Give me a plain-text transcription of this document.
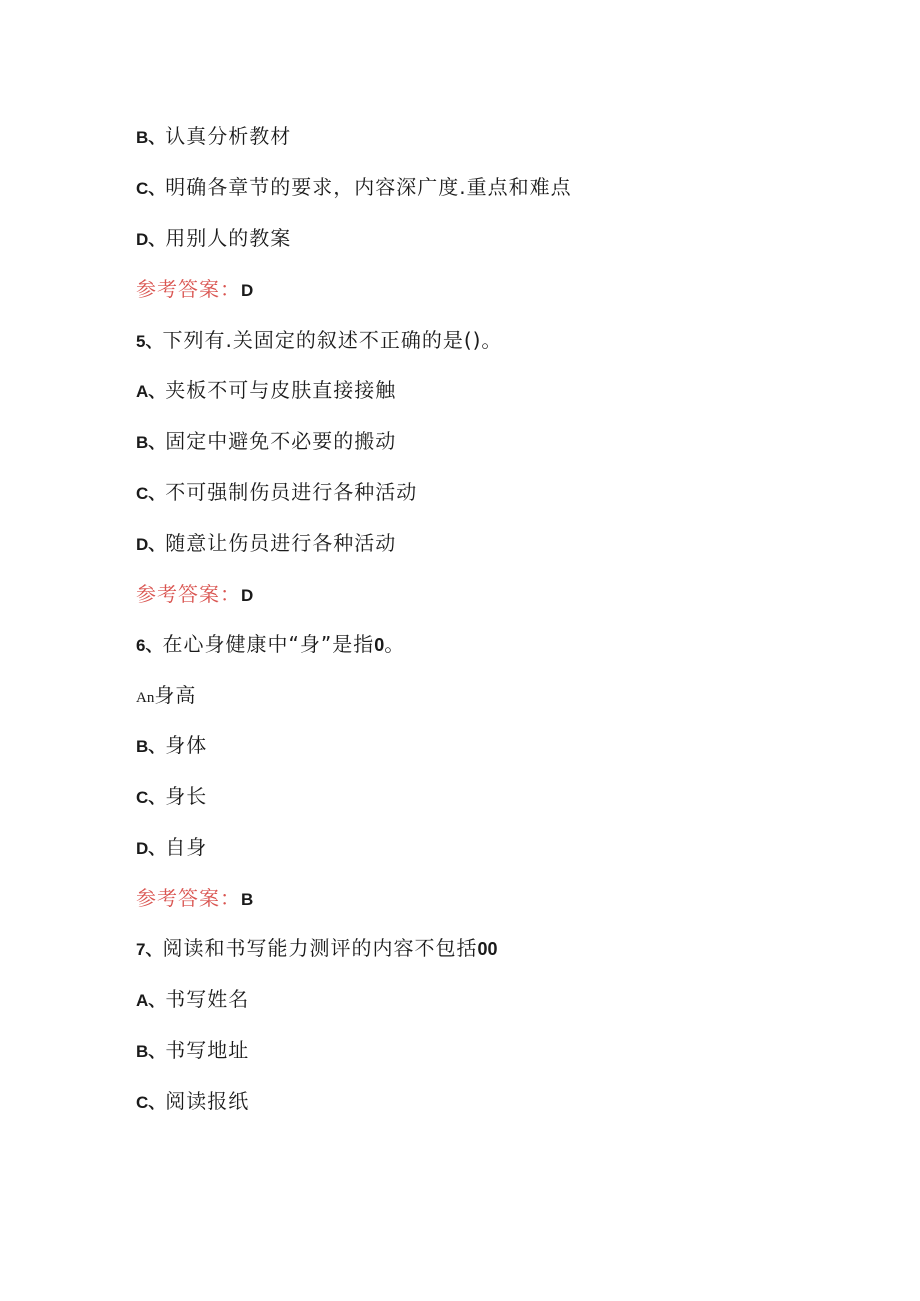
B、认真分析教材
C、明确各章节的要求，内容深广度.重点和难点
D、用别人的教案
参考答案：D
5、下列有.关固定的叙述不正确的是()。
A、夹板不可与皮肤直接接触
B、固定中避免不必要的搬动
C、不可强制伤员进行各种活动
D、随意让伤员进行各种活动
参考答案：D
6、在心身健康中“身”是指0。
An身高
B、身体
C、身长
D、自身
参考答案：B
7、阅读和书写能力测评的内容不包括00
A、书写姓名
B、书写地址
C、阅读报纸
